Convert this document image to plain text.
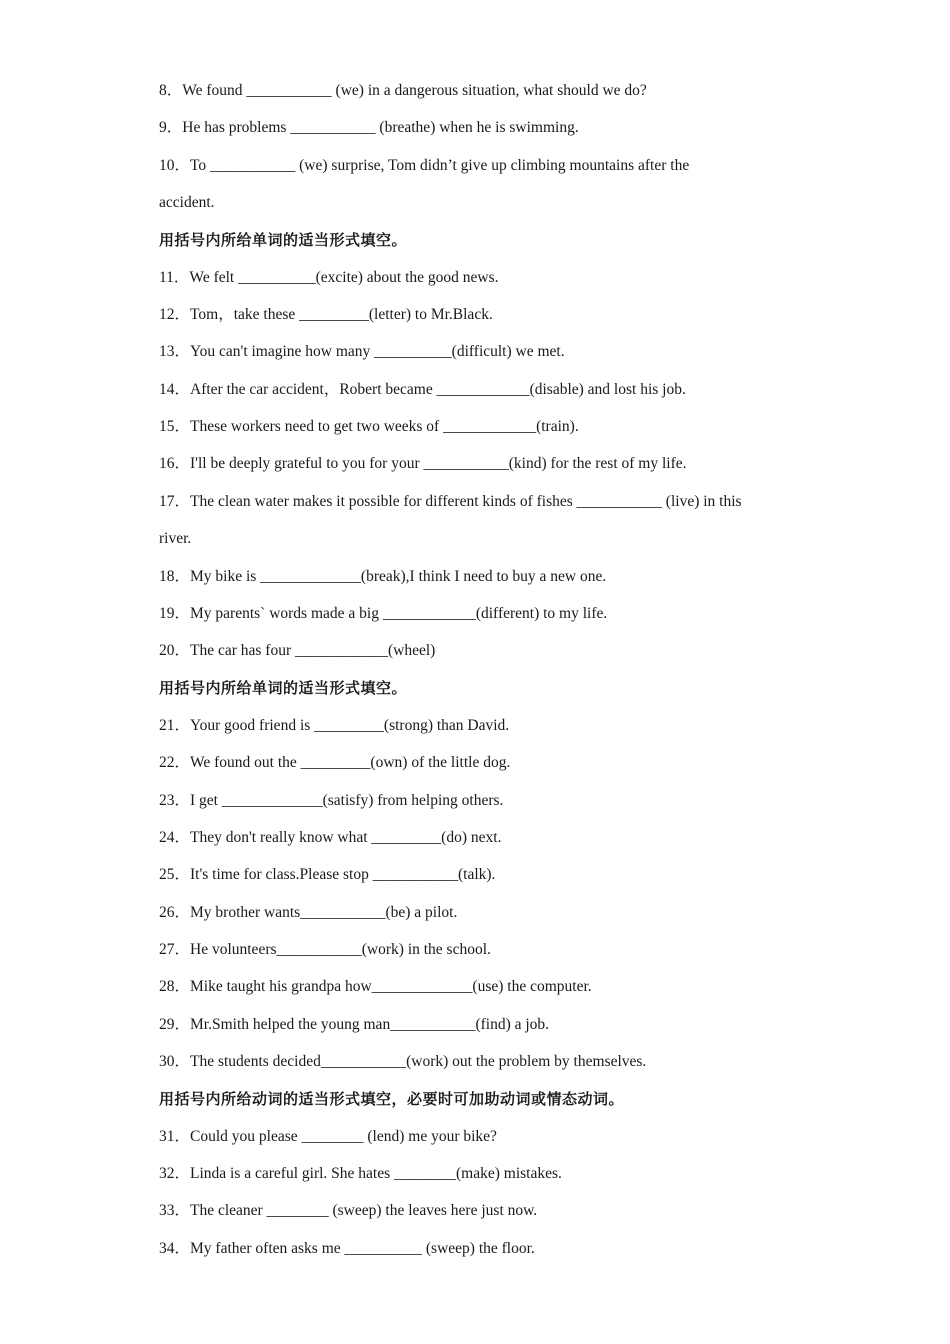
8．We found ___________ (we) in a dangerous situation, what should we do?
9．He has problems ___________ (breathe) when he is swimming.
10．To ___________ (we) surprise, Tom didn’t give up climbing mountains after the
accident.
用括号内所给单词的适当形式填空。
11．We felt __________(excite) about the good news.
12．Tom，take these _________(letter) to Mr.Black.
13．You can't imagine how many __________(difficult) we met.
14．After the car accident，Robert became ____________(disable) and lost his job.
15．These workers need to get two weeks of ____________(train).
16．I'll be deeply grateful to you for your ___________(kind) for the rest of my life.
17．The clean water makes it possible for different kinds of fishes ___________ (live) in this
river.
18．My bike is _____________(break),I think I need to buy a new one.
19．My parents` words made a big ____________(different) to my life.
20．The car has four ____________(wheel)
用括号内所给单词的适当形式填空。
21．Your good friend is _________(strong) than David.
22．We found out the _________(own) of the little dog.
23．I get _____________(satisfy) from helping others.
24．They don't really know what _________(do) next.
25．It's time for class.Please stop ___________(talk).
26．My brother wants___________(be) a pilot.
27．He volunteers___________(work) in the school.
28．Mike taught his grandpa how_____________(use) the computer.
29．Mr.Smith helped the young man___________(find) a job.
30．The students decided___________(work) out the problem by themselves.
用括号内所给动词的适当形式填空，必要时可加助动词或情态动词。
31．Could you please ________ (lend) me your bike?
32．Linda is a careful girl. She hates ________(make) mistakes.
33．The cleaner ________ (sweep) the leaves here just now.
34．My father often asks me __________ (sweep) the floor.
